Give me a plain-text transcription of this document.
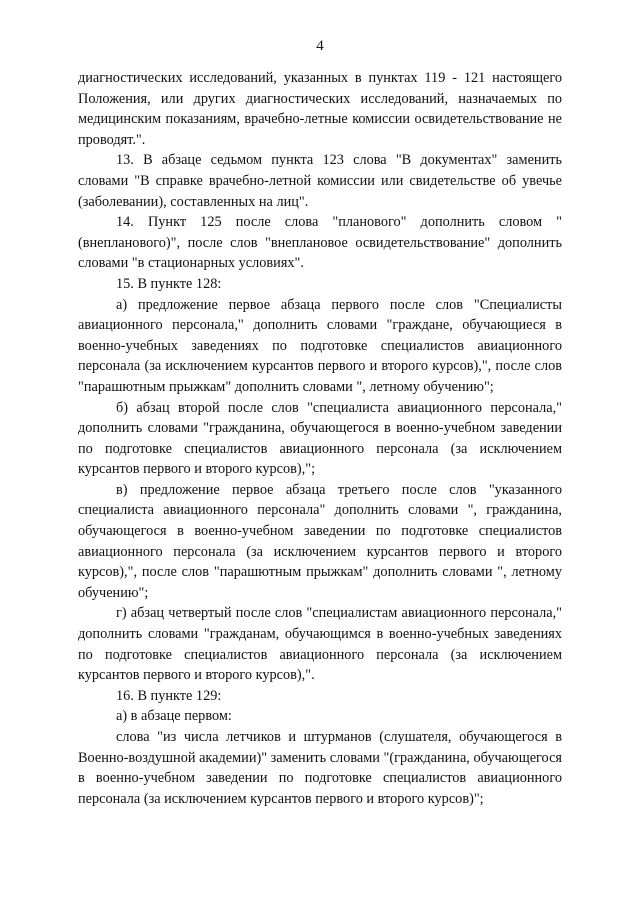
4

диагностических исследований, указанных в пунктах 119 - 121 настоящего Положения, или других диагностических исследований, назначаемых по медицинским показаниям, врачебно-летные комиссии освидетельствование не проводят.".

13. В абзаце седьмом пункта 123 слова "В документах" заменить словами "В справке врачебно-летной комиссии или свидетельстве об увечье (заболевании), составленных на лиц".

14. Пункт 125 после слова "планового" дополнить словом "(внепланового)", после слов "внеплановое освидетельствование" дополнить словами "в стационарных условиях".

15. В пункте 128:

а) предложение первое абзаца первого после слов "Специалисты авиационного персонала," дополнить словами "граждане, обучающиеся в военно-учебных заведениях по подготовке специалистов авиационного персонала (за исключением курсантов первого и второго курсов),", после слов "парашютным прыжкам" дополнить словами ", летному обучению";

б) абзац второй после слов "специалиста авиационного персонала," дополнить словами "гражданина, обучающегося в военно-учебном заведении по подготовке специалистов авиационного персонала (за исключением курсантов первого и второго курсов),";

в) предложение первое абзаца третьего после слов "указанного специалиста авиационного персонала" дополнить словами ", гражданина, обучающегося в военно-учебном заведении по подготовке специалистов авиационного персонала (за исключением курсантов первого и второго курсов),", после слов "парашютным прыжкам" дополнить словами ", летному обучению";

г) абзац четвертый после слов "специалистам авиационного персонала," дополнить словами "гражданам, обучающимся в военно-учебных заведениях по подготовке специалистов авиационного персонала (за исключением курсантов первого и второго курсов),".

16. В пункте 129:

а) в абзаце первом:

слова "из числа летчиков и штурманов (слушателя, обучающегося в Военно-воздушной академии)" заменить словами "(гражданина, обучающегося в военно-учебном заведении по подготовке специалистов авиационного персонала (за исключением курсантов первого и второго курсов)";
